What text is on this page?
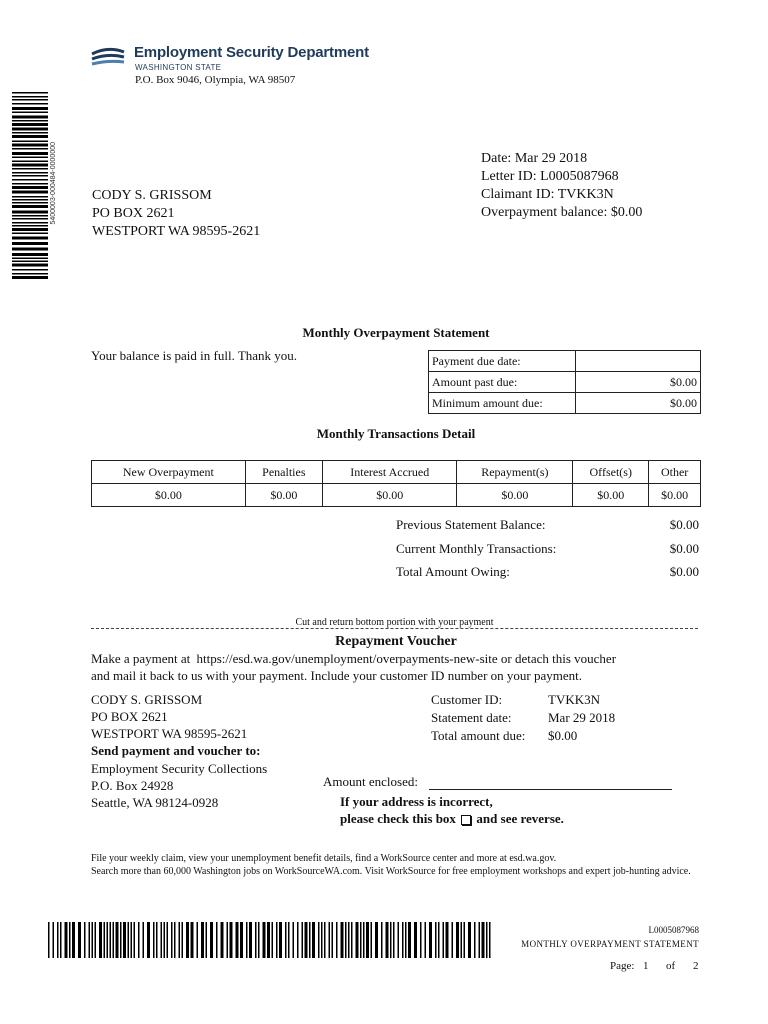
Employment Security Department
WASHINGTON STATE
P.O. Box 9046, Olympia, WA 98507
5400003-000484-0000000	Date: Mar 29 2018
Letter ID: L0005087968
Claimant ID: TVKK3N
Overpayment balance: $0.00
CODY S. GRISSOM
PO BOX 2621
WESTPORT WA 98595-2621
Monthly Overpayment Statement
Your balance is paid in full. Thank you.	Payment due date:	
Amount past due:	$0.00
Minimum amount due:	$0.00
Monthly Transactions Detail
New Overpayment	Penalties	Interest Accrued	Repayment(s)	Offset(s)	Other
$0.00	$0.00	$0.00	$0.00	$0.00	$0.00
Previous Statement Balance:	$0.00
Current Monthly Transactions:	$0.00
Total Amount Owing:	$0.00
Cut and return bottom portion with your payment
Repayment Voucher
Make a payment at https://esd.wa.gov/unemployment/overpayments-new-site or detach this voucher
and mail it back to us with your payment. Include your customer ID number on your payment.
CODY S. GRISSOM
PO BOX 2621
WESTPORT WA 98595-2621
Send payment and voucher to:
Employment Security Collections
P.O. Box 24928
Seattle, WA 98124-0928
Customer ID:	TVKK3N
Statement date:	Mar 29 2018
Total amount due: $0.00
Amount enclosed:
If your address is incorrect,
please check this box and see reverse.
File your weekly claim, view your unemployment benefit details, find a WorkSource center and more at esd.wa.gov.
Search more than 60,000 Washington jobs on WorkSourceWA.com. Visit WorkSource for free employment workshops and expert job-hunting advice.
L0005087968
MONTHLY OVERPAYMENT STATEMENT
Page: 1 of 2
